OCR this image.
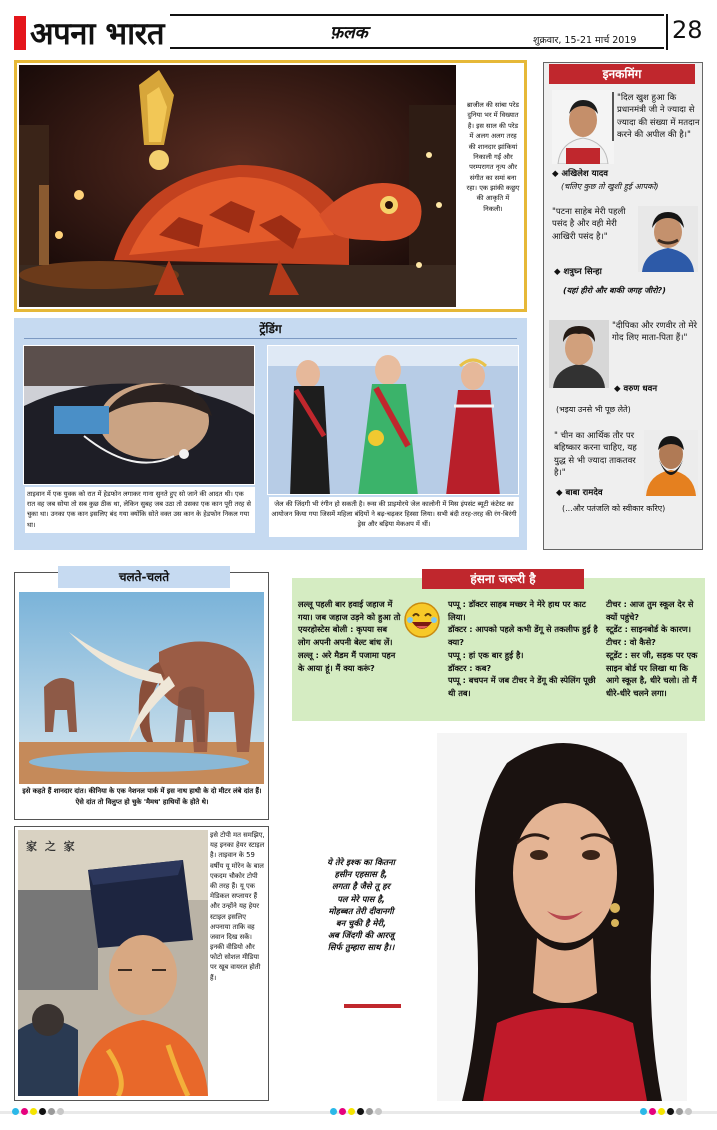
अपना भारत	फ़लक	शुक्रवार, 15-21 मार्च 2019 28
ब्राजील की सांबा परेड दुनिया भर में विख्यात है। इस साल की परेड में अलग अलग तरह की शानदार झांकियां निकाली गईं और परम्परागत नृत्य और संगीत का समां बना रहा। एक झांकी कछुए की आकृति में निकली।
ट्रेंडिंग
ताइवान में एक युवक को रात में हेडफोन लगाकर गाना सुनते हुए सो जाने की आदत थी। एक रात वह जब सोया तो सब कुछ ठीक था, लेकिन सुबह जब उठा तो उसका एक कान पूरी तरह से चुका था। उनका एक कान इसलिए बंद गया क्योंकि सोते वक्त उस कान के हेडफोन निकल गया था।
जेल की जिंदगी भी रंगीन हो सकती है। रूस की प्राइमोरये जेल कालोनी में मिस इंपसंट ब्यूटी कंटेस्ट का आयोजन किया गया जिसमें महिला बंदियों ने बढ़-चढ़कर हिस्सा लिया। सभी बंदी तरह-तरह की रंग-बिरंगी ड्रेस और बढ़िया मेकअप में थीं।
इनकमिंग
"दिल खुश हुआ कि प्रधानमंत्री जी ने ज्यादा से ज्यादा की संख्या में मतदान करने की अपील की है।"
◆ अखिलेश यादव
(चलिए कुछ तो खुशी हुई आपको)
"पटना साहेब मेरी पहली पसंद है और वही मेरी आखिरी पसंद है।"
◆ शत्रुघ्न सिन्हा
(यहां हीरो और बाकी जगह जीरो?)
"दीपिका और रणवीर तो मेरे गोद लिए माता-पिता हैं।"
◆ वरुण धवन
(भइया उनसे भी पूछ लेते)
" चीन का आर्थिक तौर पर बहिष्कार करना चाहिए, यह युद्ध से भी ज्यादा ताकतवर है।"
◆ बाबा रामदेव
(...और पतंजलि को स्वीकार करिए)
चलते-चलते
इसे कहते हैं शानदार दांत। कीनिया के एक नेशनल पार्क में इस नाथ हाथी के दो मीटर लंबे दांत हैं। ऐसे दांत तो विलुप्त हो चुके 'मैमथ' हाथियों के होते थे।
हंसना जरूरी है
लल्लू पहली बार हवाई जहाज में गया। जब जहाज उड़ने को हुआ तो एयरहोस्टेस बोली : कृपया सब लोग अपनी अपनी बेल्ट बांध लें।
लल्लू : अरे मैडम मैं पजामा पहन के आया हूं। मैं क्या करूं?
पप्पू : डॉक्टर साहब मच्छर ने मेरे हाथ पर काट लिया।
डॉक्टर : आपको पहले कभी डेंगू से तकलीफ हुई है क्या?
पप्पू : हां एक बार हुई है।
डॉक्टर : कब?
पप्पू : बचपन में जब टीचर ने डेंगू की स्पेलिंग पूछी थी तब।
टीचर : आज तुम स्कूल देर से क्यों पहुंचे?
स्टूडेंट : साइनबोर्ड के कारण।
टीचर : वो कैसे?
स्टूडेंट : सर जी, सड़क पर एक साइन बोर्ड पर लिखा था कि आगे स्कूल है, धीरे चलो। तो मैं धीरे-धीरे चलने लगा।
家 之 家
इसे टोपी मत समझिए, यह इनका हेयर स्टाइल है। ताइवान के 59 वर्षीय यू मोरेन के बाल एकदम चौकोर टोपी की तरह हैं। यू एक मेडिकल सप्लायर हैं और उन्होंने यह हेयर स्टाइल इसलिए अपनाया ताकि वह जवान दिख सकें। इनकी वीडियो और फोटो सोशल मीडिया पर खूब वायरल होती हैं।
ये तेरे इश्क का कितना
हसीन एहसास है,
लगता है जैसे तू हर
पल मेरे पास है,
मोहब्बत तेरी दीवानगी
बन चुकी है मेरी,
अब जिंदगी की आरजू
सिर्फ तुम्हारा साथ है।।
